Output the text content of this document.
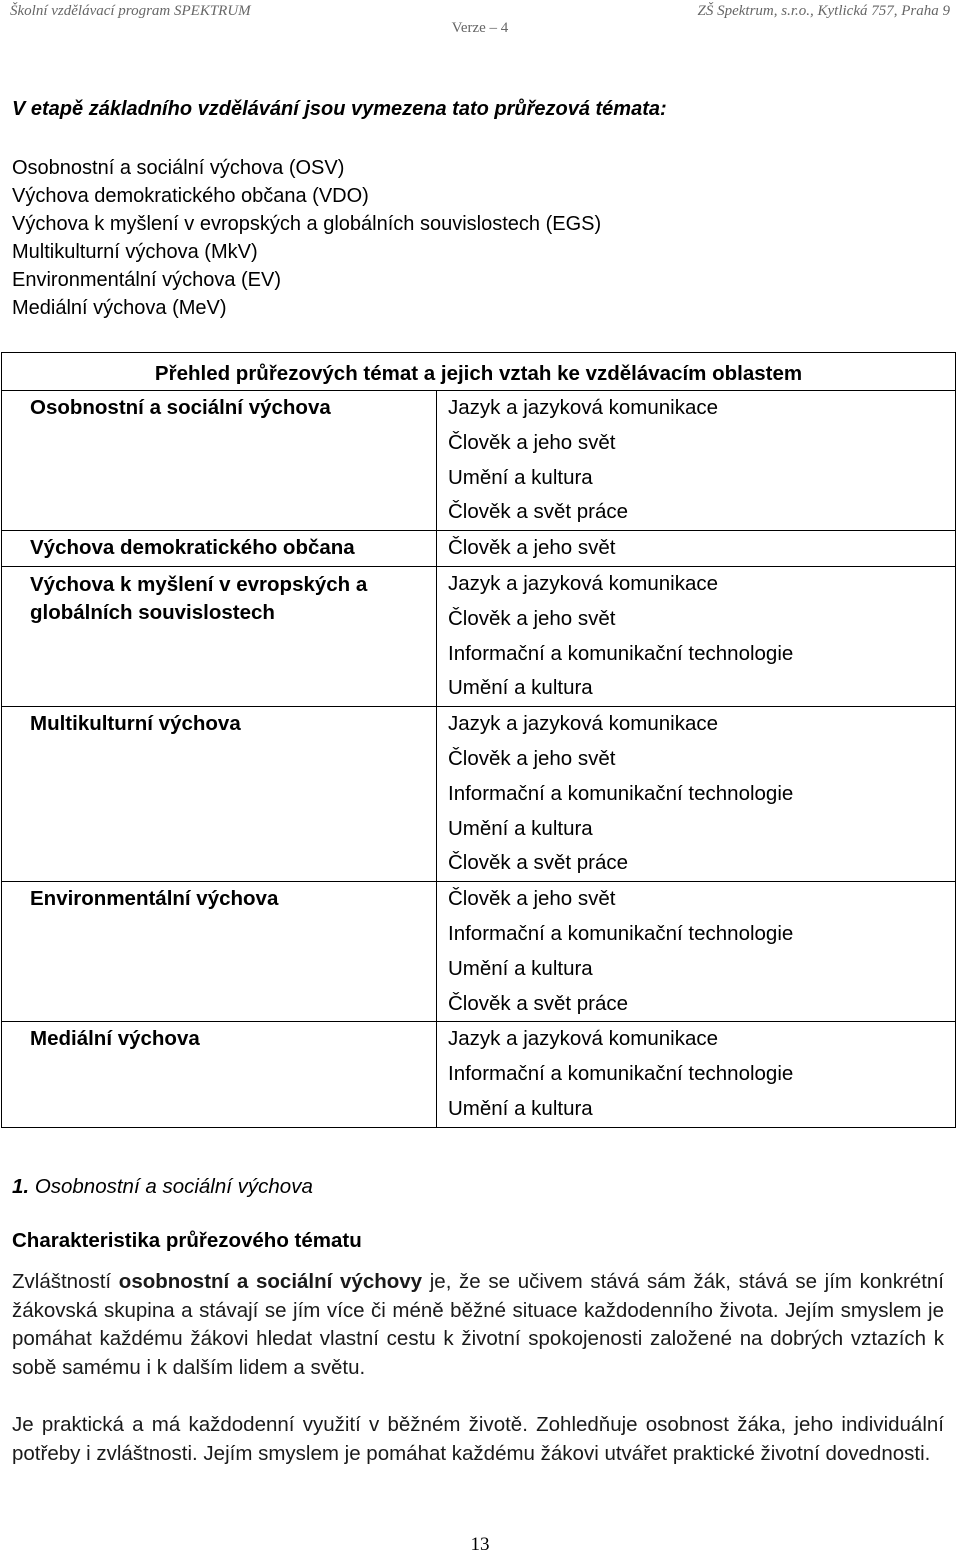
Školní vzdělávací program SPEKTRUM	ZŠ Spektrum, s.r.o., Kytlická 757, Praha 9
Verze – 4
V etapě základního vzdělávání jsou vymezena tato průřezová témata:
Osobnostní a sociální výchova (OSV)
Výchova demokratického občana (VDO)
Výchova k myšlení v evropských a globálních souvislostech (EGS)
Multikulturní výchova (MkV)
Environmentální výchova (EV)
Mediální výchova (MeV)
Přehled průřezových témat a jejich vztah ke vzdělávacím oblastem	
Osobnostní a sociální výchova	Jazyk a jazyková komunikace
Člověk a jeho svět
Umění a kultura
Člověk a svět práce

Výchova demokratického občana	Člověk a jeho svět

Výchova k myšlení v evropských a globálních souvislostech	Jazyk a jazyková komunikace
Člověk a jeho svět
Informační a komunikační technologie
Umění a kultura

Multikulturní výchova	Jazyk a jazyková komunikace
Člověk a jeho svět
Informační a komunikační technologie
Umění a kultura
Člověk a svět práce

Environmentální výchova	Člověk a jeho svět
Informační a komunikační technologie
Umění a kultura
Člověk a svět práce

Mediální výchova	Jazyk a jazyková komunikace
Informační a komunikační technologie
Umění a kultura
1. Osobnostní a sociální výchova
Charakteristika průřezového tématu
Zvláštností osobnostní a sociální výchovy je, že se učivem stává sám žák, stává se jím konkrétní žákovská skupina a stávají se jím více či méně běžné situace každodenního života. Jejím smyslem je pomáhat každému žákovi hledat vlastní cestu k životní spokojenosti založené na dobrých vztazích k sobě samému i k dalším lidem a světu.
Je praktická a má každodenní využití v běžném životě. Zohledňuje osobnost žáka, jeho individuální potřeby i zvláštnosti. Jejím smyslem je pomáhat každému žákovi utvářet praktické životní dovednosti.
13
